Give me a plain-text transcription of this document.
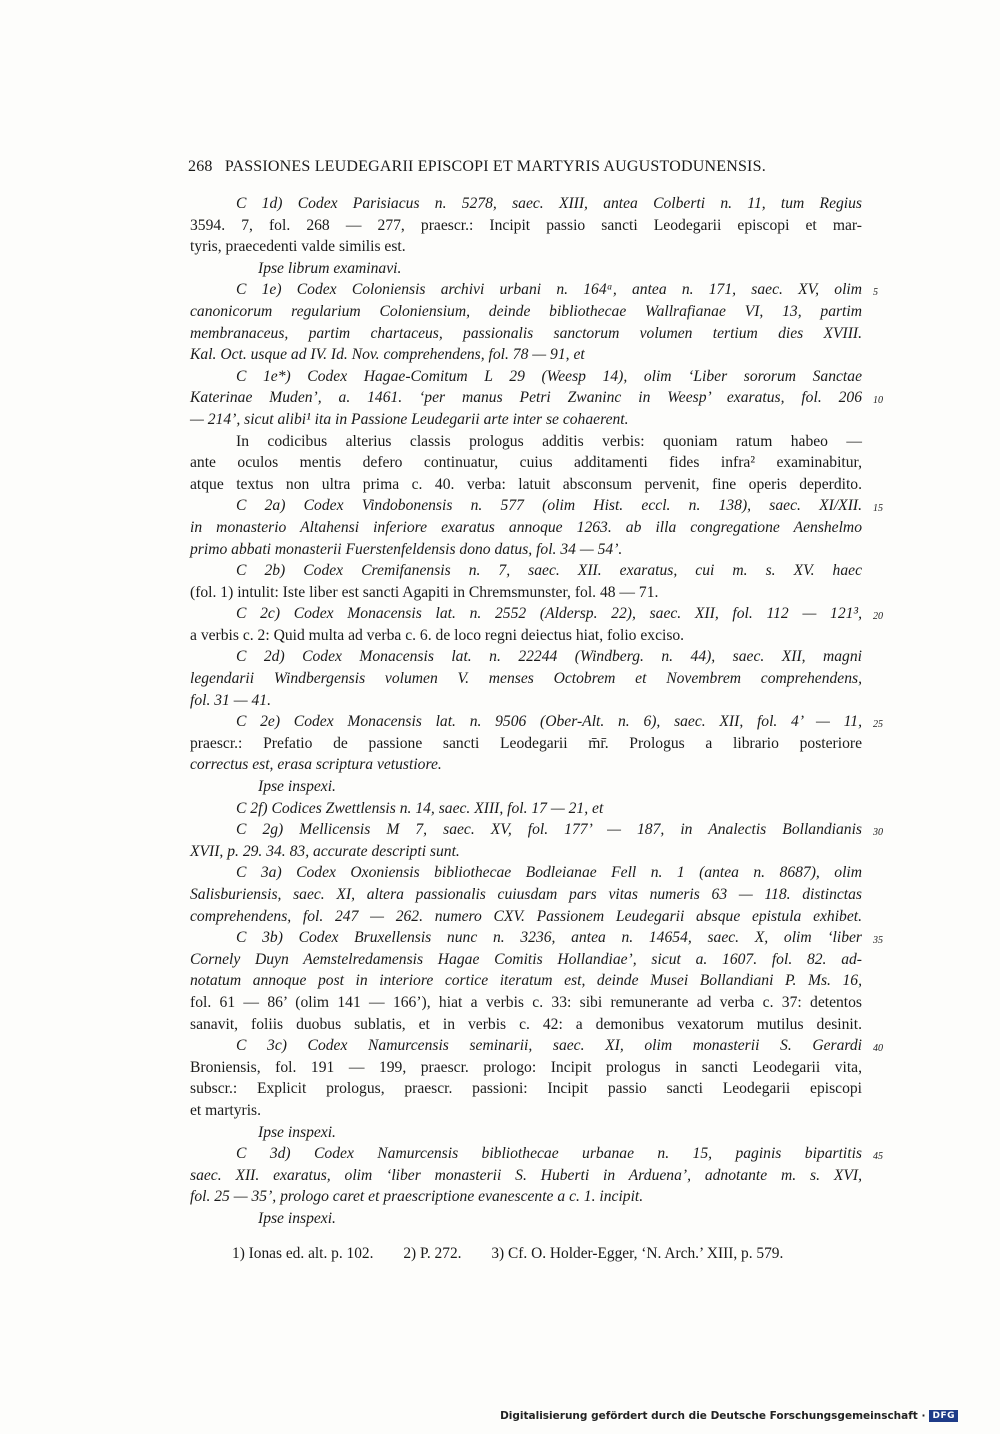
268 PASSIONES LEUDEGARII EPISCOPI ET MARTYRIS AUGUSTODUNENSIS.
C 1d) Codex Parisiacus n. 5278, saec. XIII, antea Colberti n. 11, tum Regius
3594. 7, fol. 268 — 277, praescr.: Incipit passio sancti Leodegarii episcopi et mar-
tyris, praecedenti valde similis est.
Ipse librum examinavi.
C 1e) Codex Coloniensis archivi urbani n. 164ᵃ, antea n. 171, saec. XV, olim 5
canonicorum regularium Coloniensium, deinde bibliothecae Wallrafianae VI, 13, partim
membranaceus, partim chartaceus, passionalis sanctorum volumen tertium dies XVIII.
Kal. Oct. usque ad IV. Id. Nov. comprehendens, fol. 78 — 91, et
C 1e*) Codex Hagae-Comitum L 29 (Weesp 14), olim ‘Liber sororum Sanctae
Katerinae Muden’, a. 1461. ‘per manus Petri Zwaninc in Weesp’ exaratus, fol. 206 10
— 214’, sicut alibi¹ ita in Passione Leudegarii arte inter se cohaerent.
In codicibus alterius classis prologus additis verbis: quoniam ratum habeo —
ante oculos mentis defero continuatur, cuius additamenti fides infra² examinabitur,
atque textus non ultra prima c. 40. verba: latuit absconsum pervenit, fine operis deperdito.
C 2a) Codex Vindobonensis n. 577 (olim Hist. eccl. n. 138), saec. XI/XII. 15
in monasterio Altahensi inferiore exaratus annoque 1263. ab illa congregatione Aenshelmo
primo abbati monasterii Fuerstenfeldensis dono datus, fol. 34 — 54’.
C 2b) Codex Cremifanensis n. 7, saec. XII. exaratus, cui m. s. XV. haec
(fol. 1) intulit: Iste liber est sancti Agapiti in Chremsmunster, fol. 48 — 71.
C 2c) Codex Monacensis lat. n. 2552 (Aldersp. 22), saec. XII, fol. 112 — 121³, 20
a verbis c. 2: Quid multa ad verba c. 6. de loco regni deiectus hiat, folio exciso.
C 2d) Codex Monacensis lat. n. 22244 (Windberg. n. 44), saec. XII, magni
legendarii Windbergensis volumen V. menses Octobrem et Novembrem comprehendens,
fol. 31 — 41.
C 2e) Codex Monacensis lat. n. 9506 (Ober-Alt. n. 6), saec. XII, fol. 4’ — 11, 25
praescr.: Prefatio de passione sancti Leodegarii m̄r̄. Prologus a librario posteriore
correctus est, erasa scriptura vetustiore.
Ipse inspexi.
C 2f) Codices Zwettlensis n. 14, saec. XIII, fol. 17 — 21, et
C 2g) Mellicensis M 7, saec. XV, fol. 177’ — 187, in Analectis Bollandianis 30
XVII, p. 29. 34. 83, accurate descripti sunt.
C 3a) Codex Oxoniensis bibliothecae Bodleianae Fell n. 1 (antea n. 8687), olim
Salisburiensis, saec. XI, altera passionalis cuiusdam pars vitas numeris 63 — 118. distinctas
comprehendens, fol. 247 — 262. numero CXV. Passionem Leudegarii absque epistula exhibet.
C 3b) Codex Bruxellensis nunc n. 3236, antea n. 14654, saec. X, olim ‘liber 35
Cornely Duyn Aemstelredamensis Hagae Comitis Hollandiae’, sicut a. 1607. fol. 82. ad-
notatum annoque post in interiore cortice iteratum est, deinde Musei Bollandiani P. Ms. 16,
fol. 61 — 86’ (olim 141 — 166’), hiat a verbis c. 33: sibi remunerante ad verba c. 37: detentos
sanavit, foliis duobus sublatis, et in verbis c. 42: a demonibus vexatorum mutilus desinit.
C 3c) Codex Namurcensis seminarii, saec. XI, olim monasterii S. Gerardi 40
Broniensis, fol. 191 — 199, praescr. prologo: Incipit prologus in sancti Leodegarii vita,
subscr.: Explicit prologus, praescr. passioni: Incipit passio sancti Leodegarii episcopi
et martyris.
Ipse inspexi.
C 3d) Codex Namurcensis bibliothecae urbanae n. 15, paginis bipartitis 45
saec. XII. exaratus, olim ‘liber monasterii S. Huberti in Arduena’, adnotante m. s. XVI,
fol. 25 — 35’, prologo caret et praescriptione evanescente a c. 1. incipit.
Ipse inspexi.
1) Ionas ed. alt. p. 102. 2) P. 272. 3) Cf. O. Holder-Egger, ‘N. Arch.’ XIII, p. 579.
Digitalisierung gefördert durch die Deutsche Forschungsgemeinschaft · DFG
